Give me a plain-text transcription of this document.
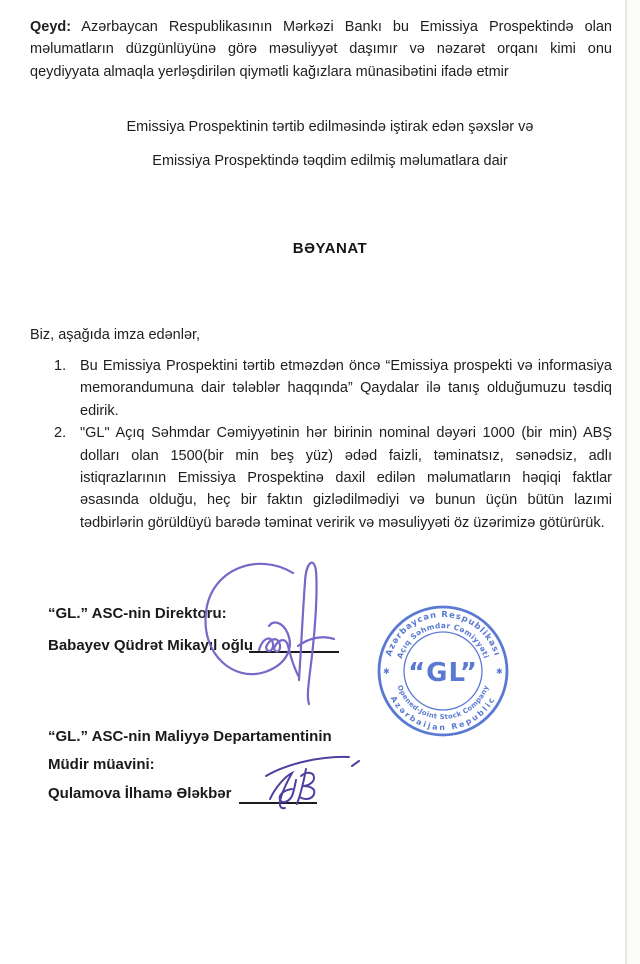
Qeyd: Azərbaycan Respublikasının Mərkəzi Bankı bu Emissiya Prospektində olan məlumatların düzgünlüyünə görə məsuliyyət daşımır və nəzarət orqanı kimi onu qeydiyyata almaqla yerləşdirilən qiymətli kağızlara münasibətini ifadə etmir
Emissiya Prospektinin tərtib edilməsində iştirak edən şəxslər və
Emissiya Prospektində təqdim edilmiş məlumatlara dair
BƏYANAT
Biz, aşağıda imza edənlər,
1. Bu Emissiya Prospektini tərtib etməzdən öncə “Emissiya prospekti və informasiya memorandumuna dair tələblər haqqında” Qaydalar ilə tanış olduğumuzu təsdiq edirik.
2. "GL" Açıq Səhmdar Cəmiyyətinin hər birinin nominal dəyəri 1000 (bir min) ABŞ dolları olan 1500(bir min beş yüz) ədəd faizli, təminatsız, sənədsiz, adlı istiqrazlarının Emissiya Prospektinə daxil edilən məlumatların həqiqi faktlar əsasında olduğu, heç bir faktın gizlədilmədiyi və bunun üçün bütün lazımi tədbirlərin görüldüyü barədə təminat veririk və məsuliyyəti öz üzərimizə götürürük.
“GL.” ASC-nin Direktoru:
Babayev Qüdrət Mikayıl oğlu	Azərbaycan Respublikası
Azərbaijan Republic
Açıq Səhmdar Cəmiyyəti
Opened-Joint Stock Company
✱	✱
“GL”
“GL.” ASC-nin Maliyyə Departamentinin
Müdir müavini:
Qulamova İlhamə Ələkbər
